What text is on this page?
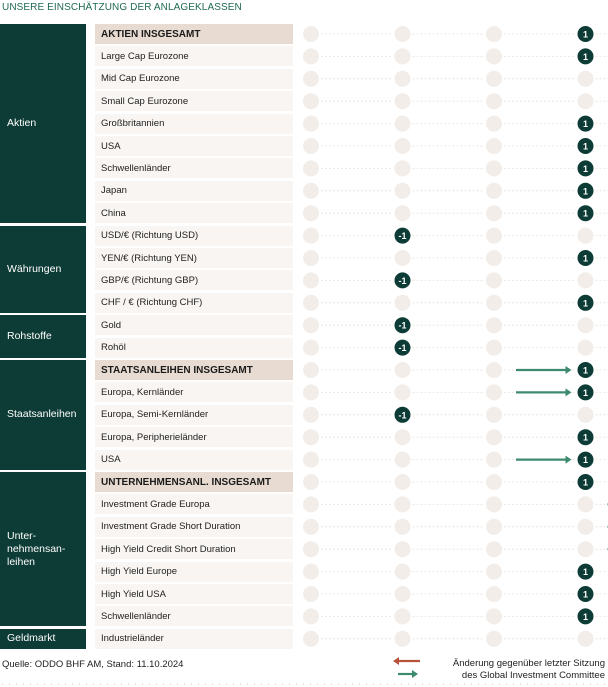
UNSERE EINSCHÄTZUNG DER ANLAGEKLASSEN
Aktien
Währungen
Rohstoffe
Staatsanleihen
Unter-
nehmensan-
leihen
Geldmarkt
AKTIEN INSGESAMT
Large Cap Eurozone
Mid Cap Eurozone
Small Cap Eurozone
Großbritannien
USA
Schwellenländer
Japan
China
USD/€ (Richtung USD)
YEN/€ (Richtung YEN)
GBP/€ (Richtung GBP)
CHF / € (Richtung CHF)
Gold
Rohöl
STAATSANLEIHEN INSGESAMT
Europa, Kernländer
Europa, Semi-Kernländer
Europa, Peripherieländer
USA
UNTERNEHMENSANL. INSGESAMT
Investment Grade Europa
Investment Grade Short Duration
High Yield Credit Short Duration
High Yield Europe
High Yield USA
Schwellenländer
Industrieländer
1
1
1
1
1
1
1
-1
1
-1
1
-1
-1
1
1
-1
1
1
1
1
1
1
Quelle: ODDO BHF AM, Stand: 11.10.2024	Änderung gegenüber letzter Sitzung
des Global Investment Committee
